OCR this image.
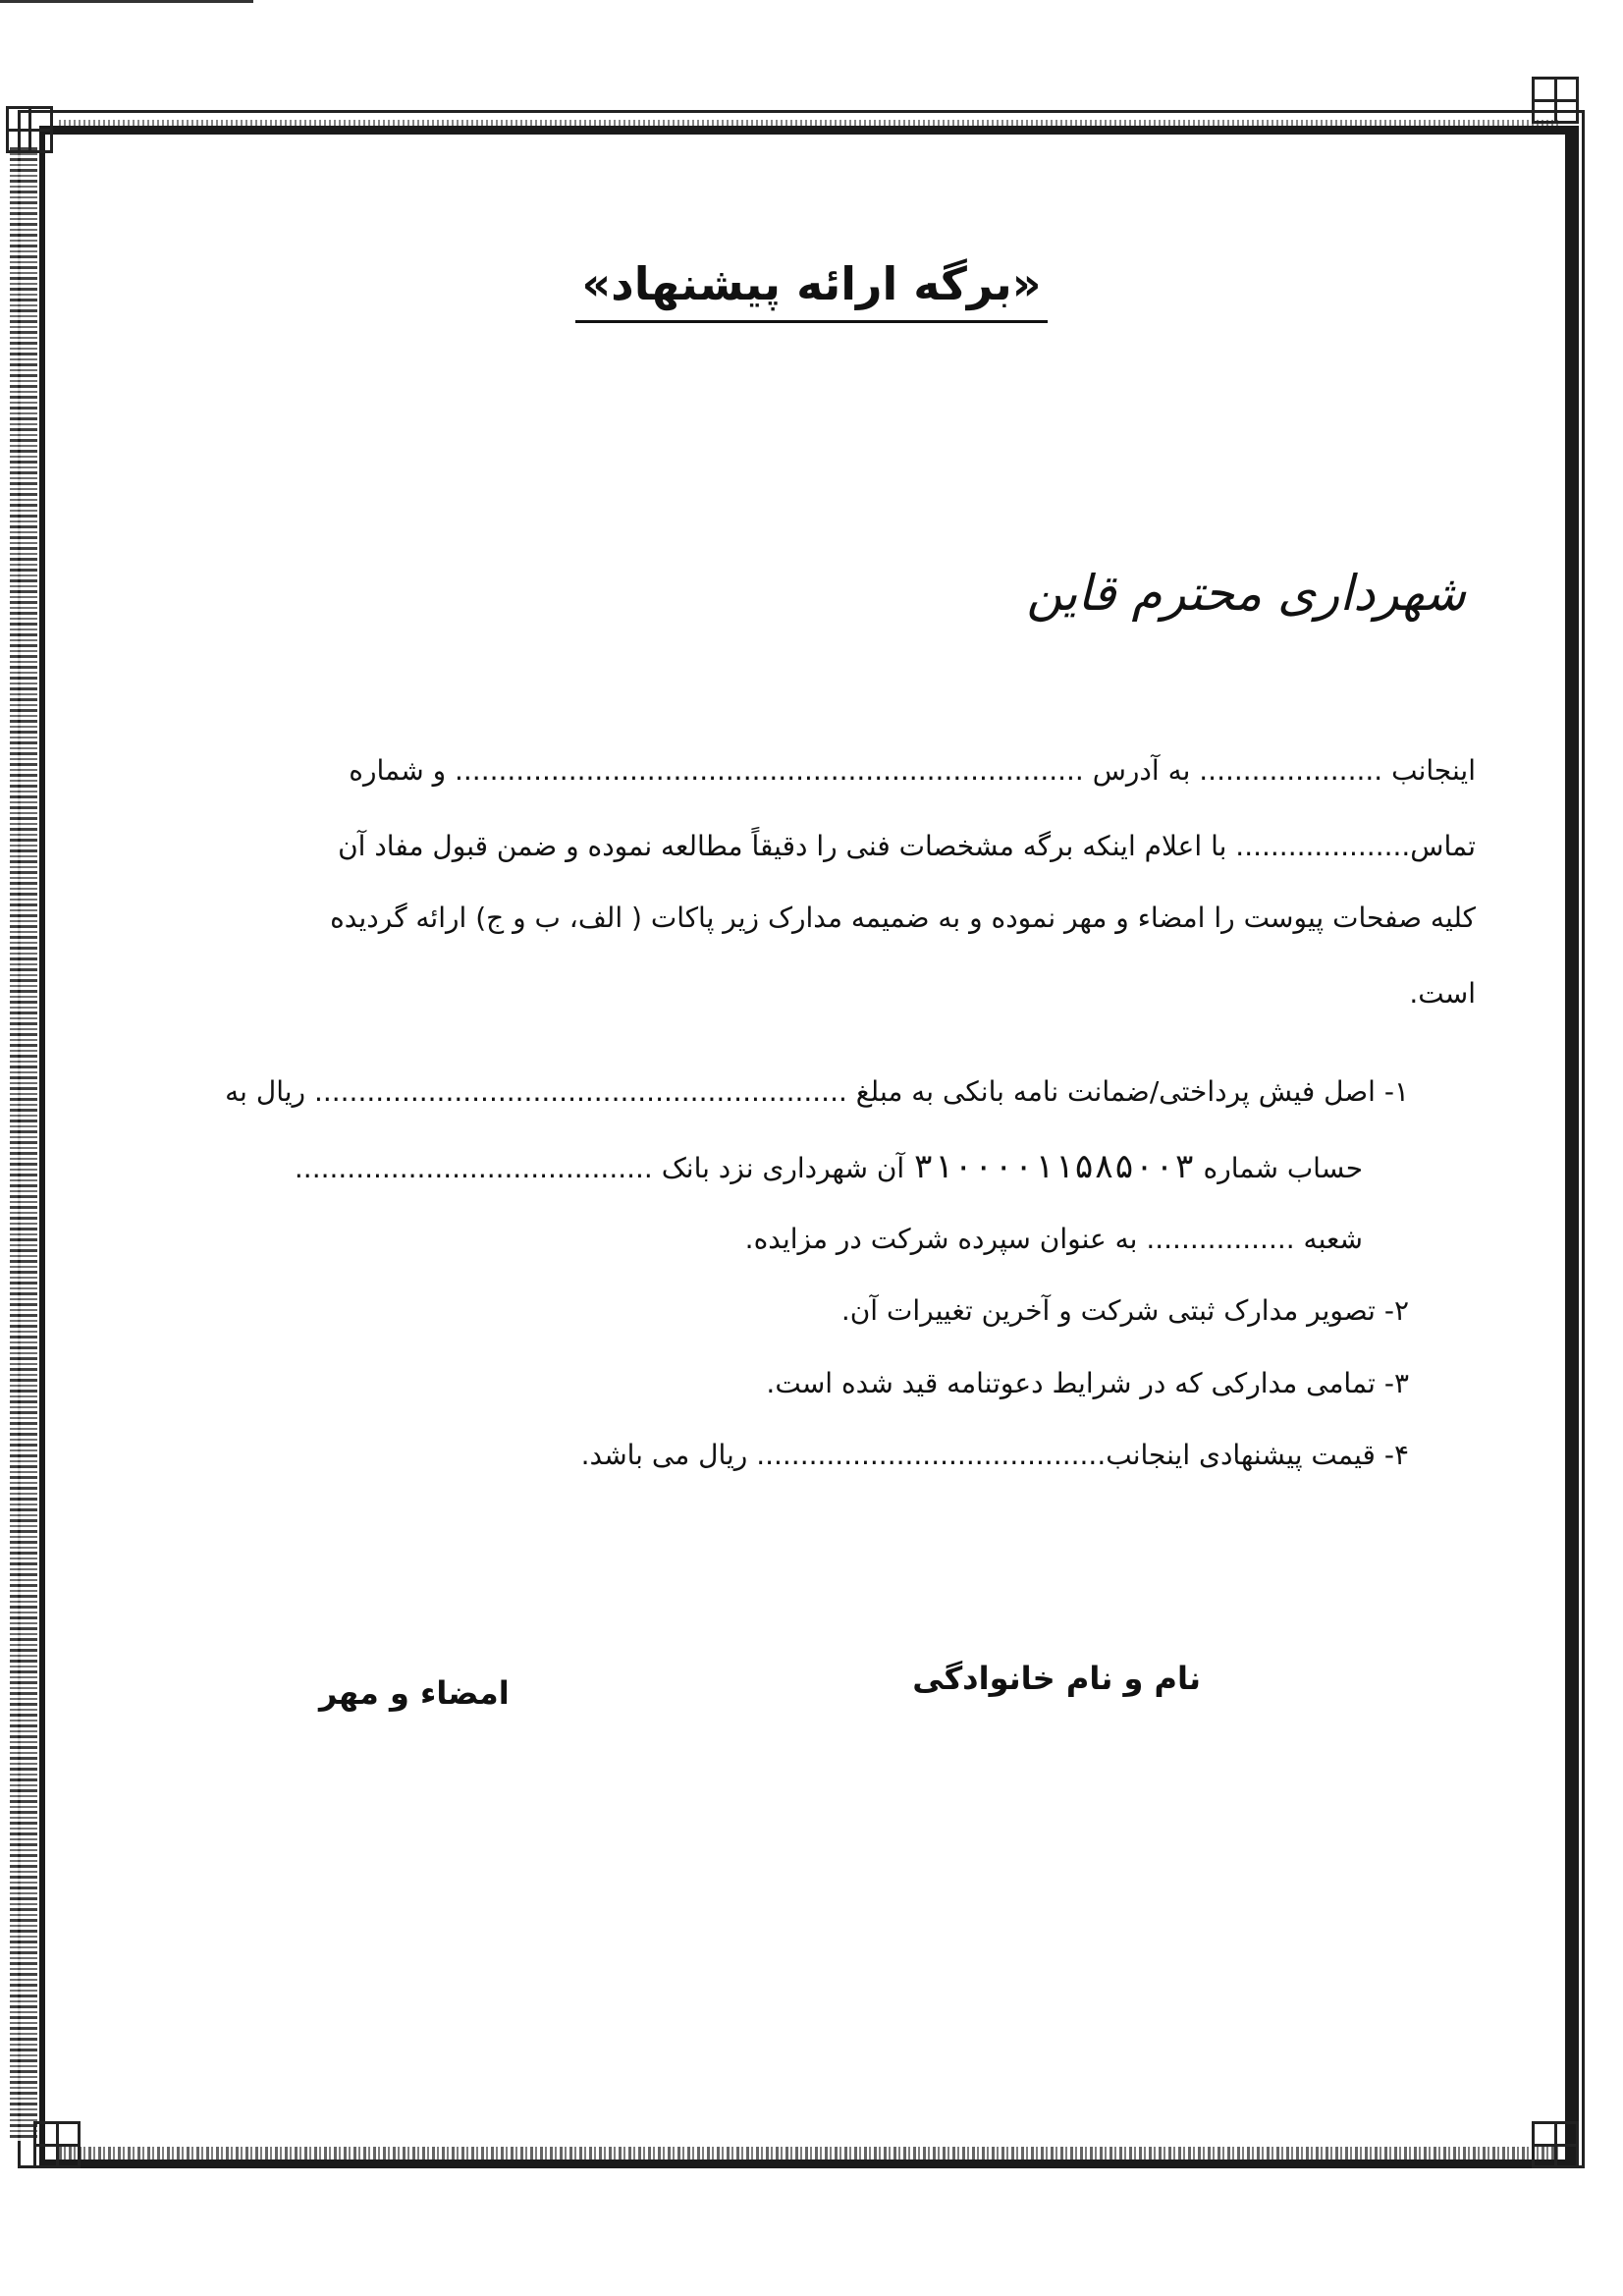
«برگه ارائه پیشنهاد»
شهرداری محترم قاین
اینجانب ..................... به آدرس ........................................................................ و شماره
تماس.................... با اعلام اینکه برگه مشخصات فنی را دقیقاً مطالعه نموده و ضمن قبول مفاد آن
کلیه صفحات پیوست را امضاء و مهر نموده و به ضمیمه مدارک زیر پاکات ( الف، ب و ج) ارائه گردیده
است.
۱- اصل فیش پرداختی/ضمانت نامه بانکی به مبلغ ............................................................. ریال به
حساب شماره ۳۱۰۰۰۰۱۱۵۸۵۰۰۳ آن شهرداری نزد بانک .........................................
شعبه ................. به عنوان سپرده شرکت در مزایده.
۲- تصویر مدارک ثبتی شرکت و آخرین تغییرات آن.
۳- تمامی مدارکی که در شرایط دعوتنامه قید شده است.
۴- قیمت پیشنهادی اینجانب........................................ ریال می باشد.
نام و نام خانوادگی
امضاء و مهر
